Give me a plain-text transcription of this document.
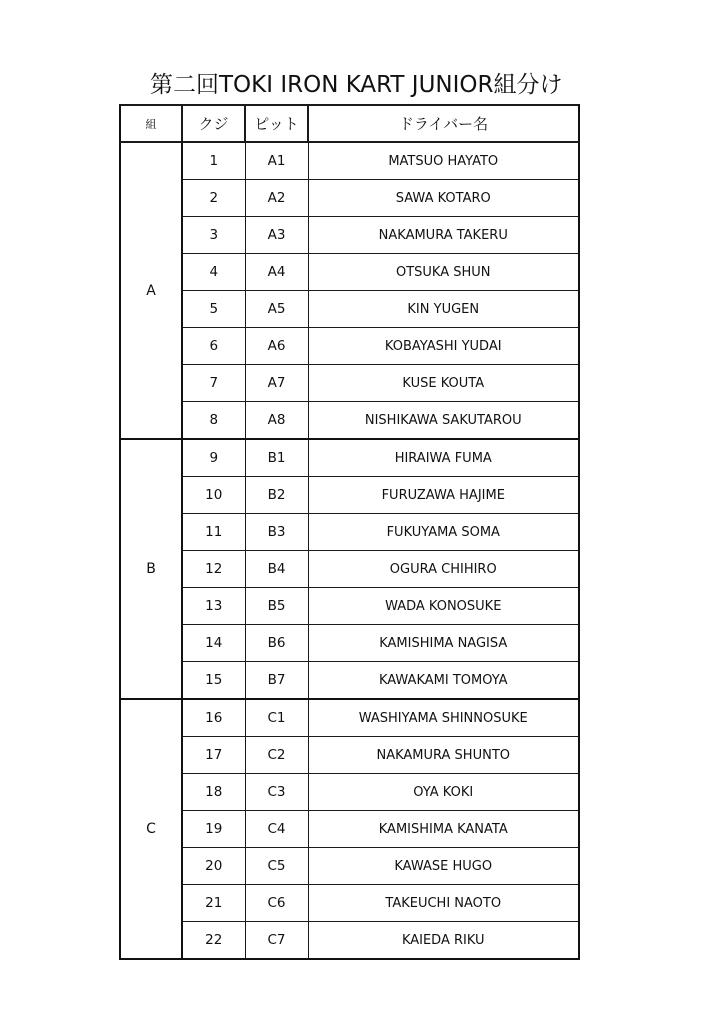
第二回TOKI IRON KART JUNIOR組分け
組	クジ	ピット	ドライバー名
A	1	A1	MATSUO HAYATO
	2	A2	SAWA KOTARO
	3	A3	NAKAMURA TAKERU
	4	A4	OTSUKA SHUN
	5	A5	KIN YUGEN
	6	A6	KOBAYASHI YUDAI
	7	A7	KUSE KOUTA
	8	A8	NISHIKAWA SAKUTAROU
B	9	B1	HIRAIWA FUMA
	10	B2	FURUZAWA HAJIME
	11	B3	FUKUYAMA SOMA
	12	B4	OGURA CHIHIRO
	13	B5	WADA KONOSUKE
	14	B6	KAMISHIMA NAGISA
	15	B7	KAWAKAMI TOMOYA
C	16	C1	WASHIYAMA SHINNOSUKE
	17	C2	NAKAMURA SHUNTO
	18	C3	OYA KOKI
	19	C4	KAMISHIMA KANATA
	20	C5	KAWASE HUGO
	21	C6	TAKEUCHI NAOTO
	22	C7	KAIEDA RIKU
